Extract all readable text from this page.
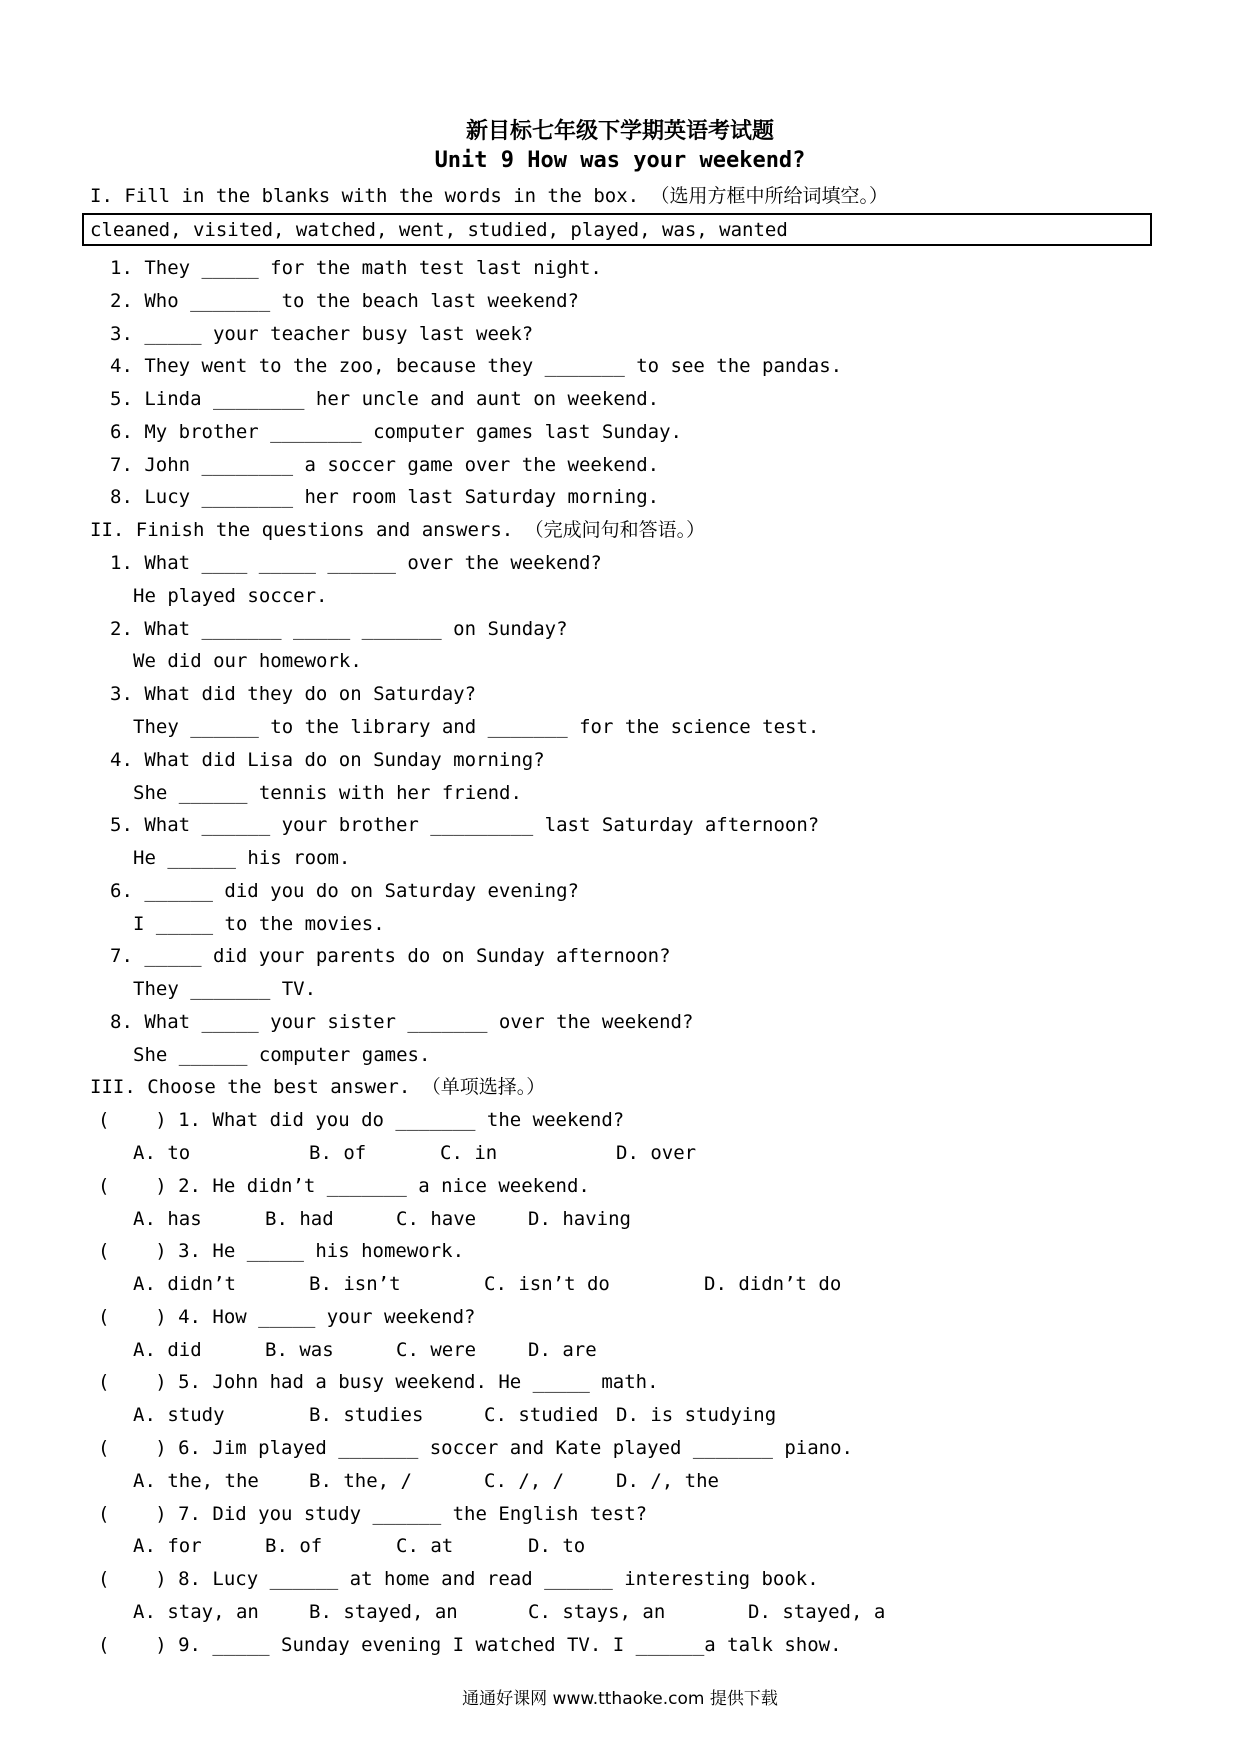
新目标七年级下学期英语考试题
Unit 9 How was your weekend?
I. Fill in the blanks with the words in the box. （选用方框中所给词填空。）
cleaned, visited, watched, went, studied, played, was, wanted
1. They _____ for the math test last night.
2. Who _______ to the beach last weekend?
3. _____ your teacher busy last week?
4. They went to the zoo, because they _______ to see the pandas.
5. Linda ________ her uncle and aunt on weekend.
6. My brother ________ computer games last Sunday.
7. John ________ a soccer game over the weekend.
8. Lucy ________ her room last Saturday morning.
II. Finish the questions and answers. （完成问句和答语。）
1. What ____ _____ ______ over the weekend?
He played soccer.
2. What _______ _____ _______ on Sunday?
We did our homework.
3. What did they do on Saturday?
They ______ to the library and _______ for the science test.
4. What did Lisa do on Sunday morning?
She ______ tennis with her friend.
5. What ______ your brother _________ last Saturday afternoon?
He ______ his room.
6. ______ did you do on Saturday evening?
I _____ to the movies.
7. _____ did your parents do on Sunday afternoon?
They _______ TV.
8. What _____ your sister _______ over the weekend?
She ______ computer games.
III. Choose the best answer. （单项选择。）
(    ) 1. What did you do _______ the weekend?
A. to	B. of	C. in	D. over
(    ) 2. He didn’t _______ a nice weekend.
A. has	B. had	C. have	D. having
(    ) 3. He _____ his homework.
A. didn’t	B. isn’t	C. isn’t do	D. didn’t do
(    ) 4. How _____ your weekend?
A. did	B. was	C. were	D. are
(    ) 5. John had a busy weekend. He _____ math.
A. study	B. studies	C. studied D. is studying
(    ) 6. Jim played _______ soccer and Kate played _______ piano.
A. the, the	B. the, /	C. /, /	D. /, the
(    ) 7. Did you study ______ the English test?
A. for	B. of	C. at	D. to
(    ) 8. Lucy ______ at home and read ______ interesting book.
A. stay, an	B. stayed, an	C. stays, an	D. stayed, a
(    ) 9. _____ Sunday evening I watched TV. I ______a talk show.
通通好课网 www.tthaoke.com 提供下载
